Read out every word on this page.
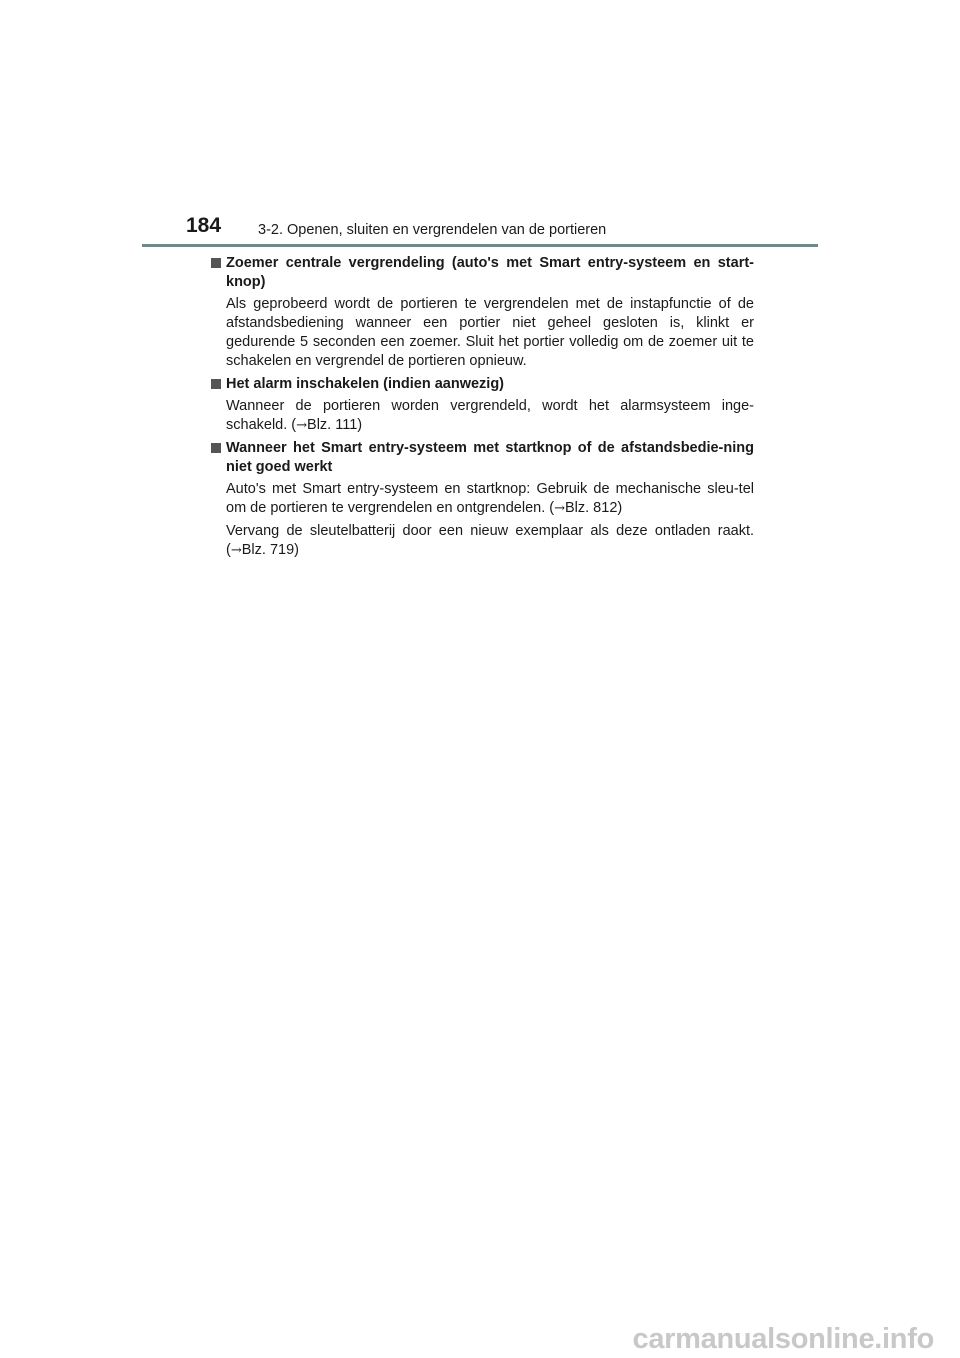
184	3-2. Openen, sluiten en vergrendelen van de portieren
Zoemer centrale vergrendeling (auto's met Smart entry-systeem en start-knop)
Als geprobeerd wordt de portieren te vergrendelen met de instapfunctie of de afstandsbediening wanneer een portier niet geheel gesloten is, klinkt er gedurende 5 seconden een zoemer. Sluit het portier volledig om de zoemer uit te schakelen en vergrendel de portieren opnieuw.
Het alarm inschakelen (indien aanwezig)
Wanneer de portieren worden vergrendeld, wordt het alarmsysteem inge-schakeld. (→Blz. 111)
Wanneer het Smart entry-systeem met startknop of de afstandsbedie-ning niet goed werkt
Auto's met Smart entry-systeem en startknop: Gebruik de mechanische sleu-tel om de portieren te vergrendelen en ontgrendelen. (→Blz. 812)
Vervang de sleutelbatterij door een nieuw exemplaar als deze ontladen raakt. (→Blz. 719)
carmanualsonline.info
